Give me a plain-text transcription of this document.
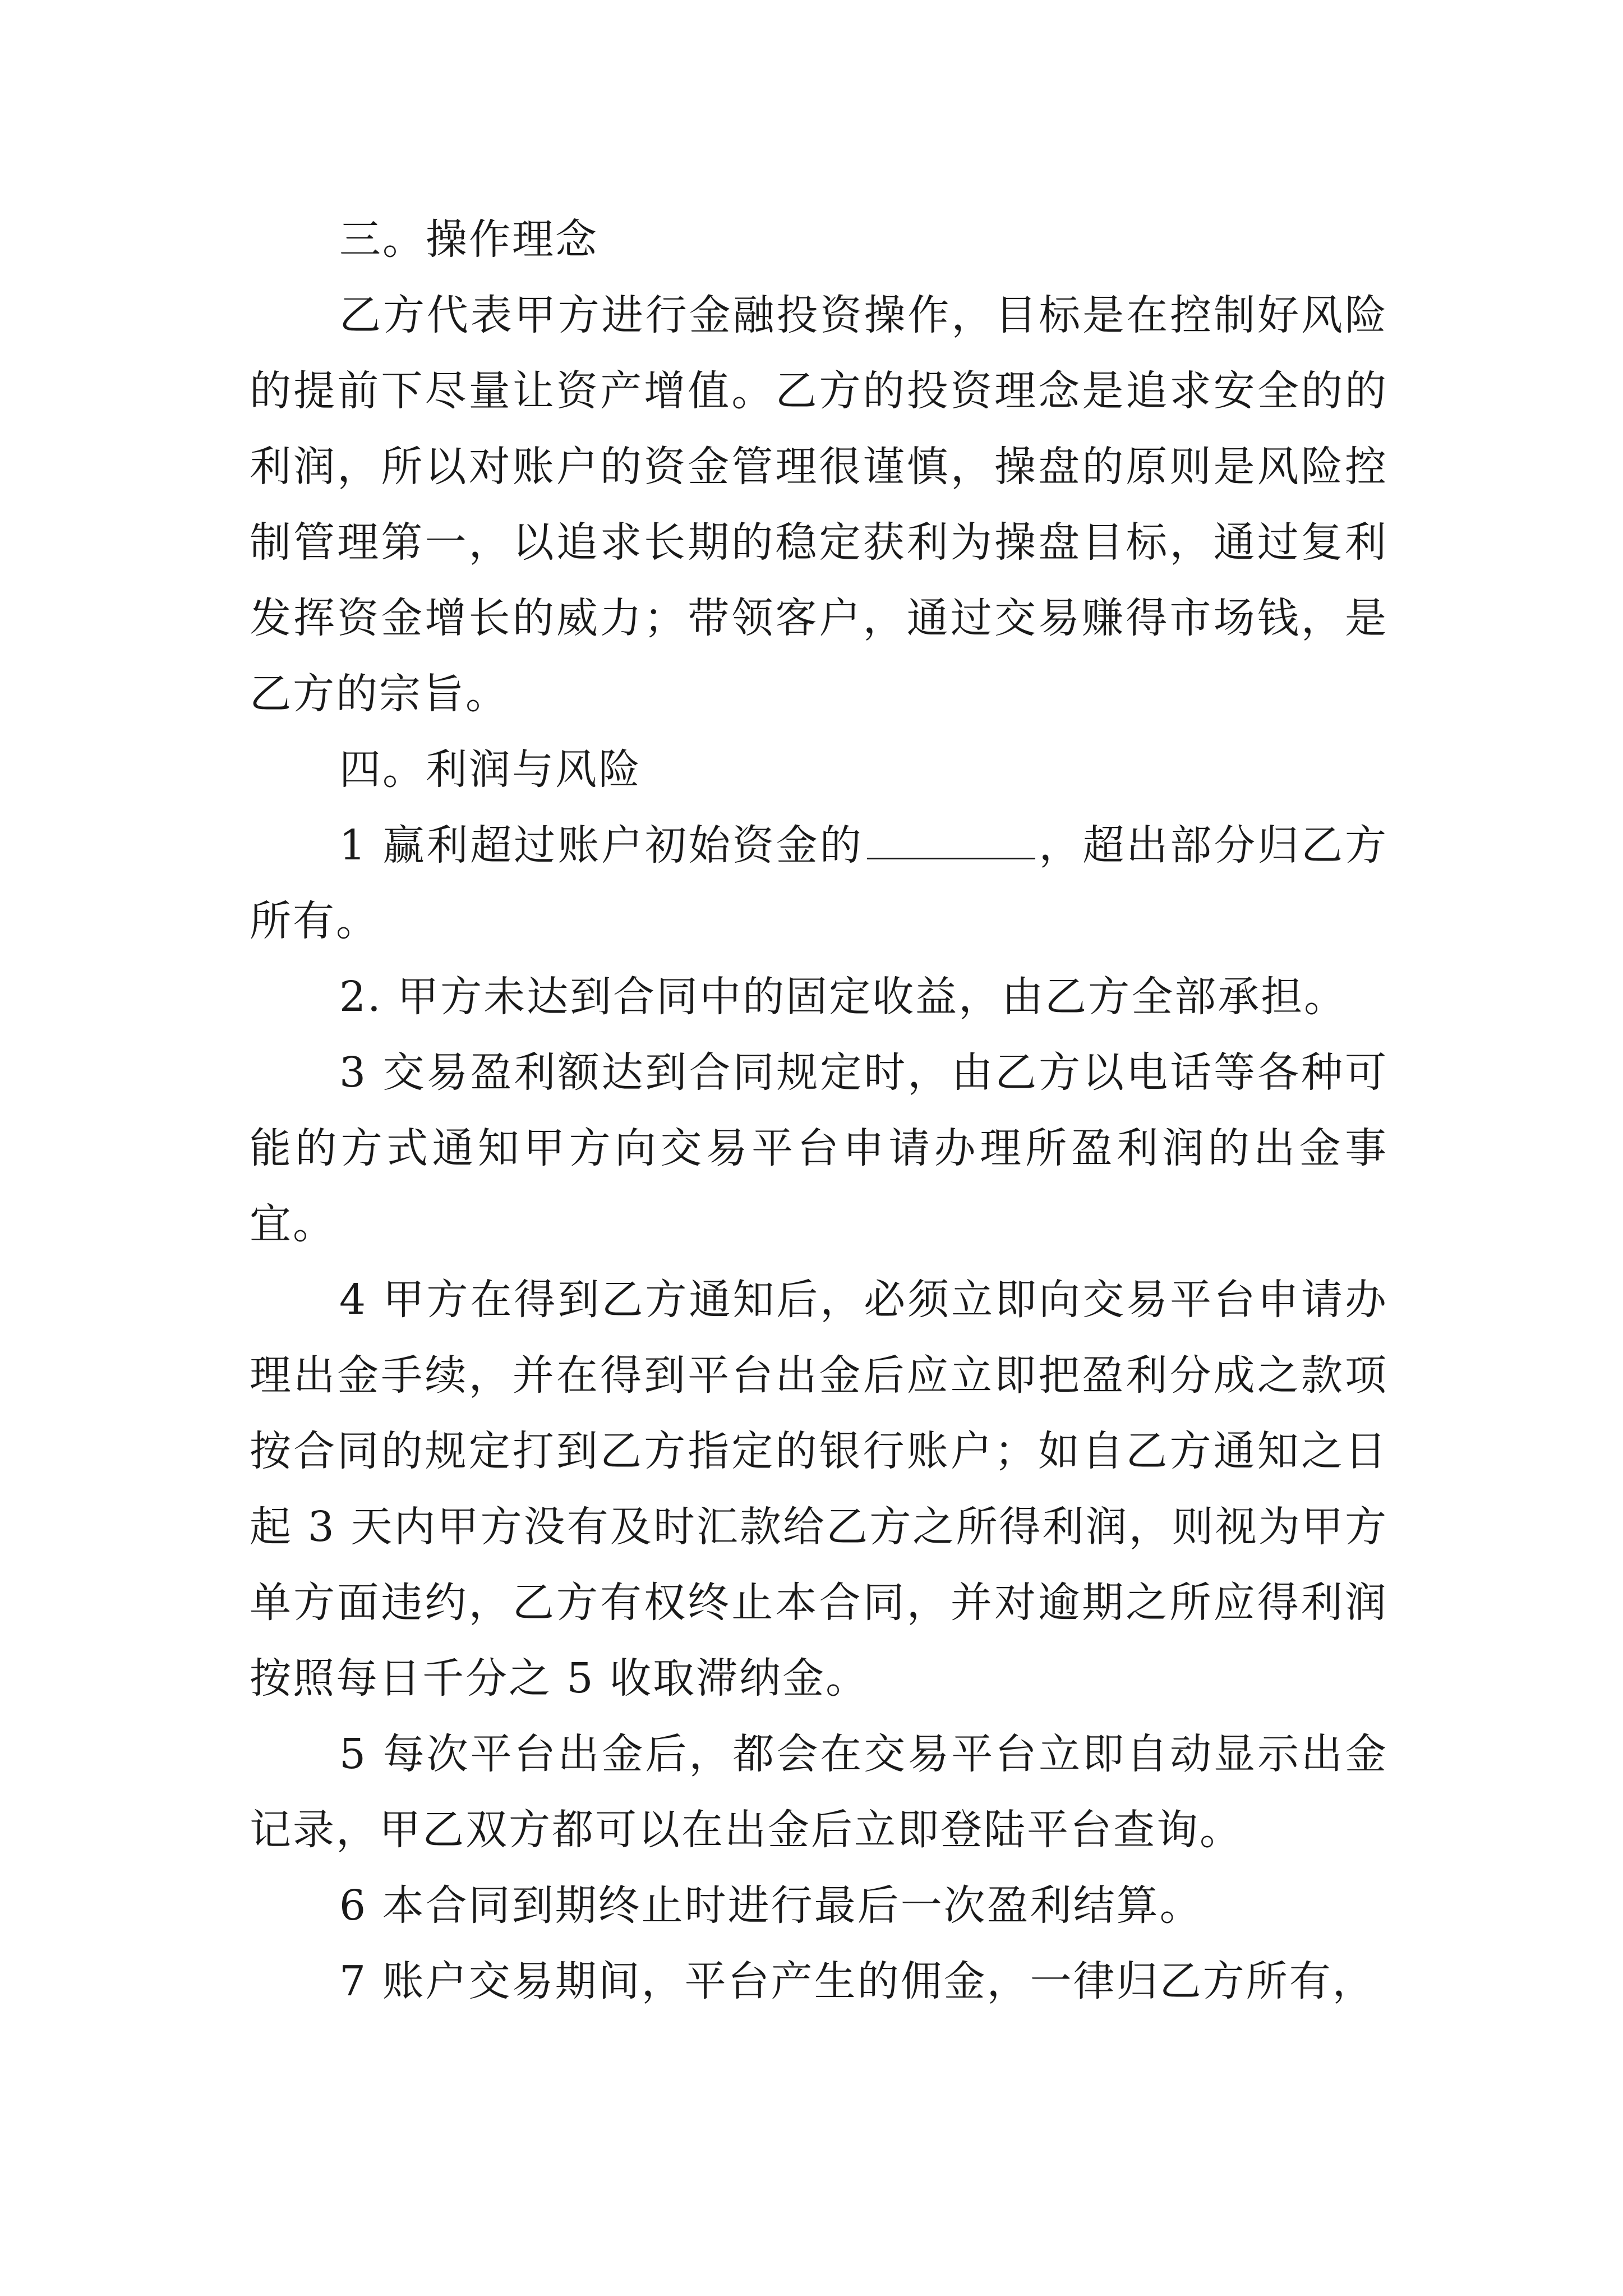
三。操作理念

乙方代表甲方进行金融投资操作，目标是在控制好风险的提前下尽量让资产增值。乙方的投资理念是追求安全的的利润，所以对账户的资金管理很谨慎，操盘的原则是风险控制管理第一，以追求长期的稳定获利为操盘目标，通过复利发挥资金增长的威力；带领客户，通过交易赚得市场钱，是乙方的宗旨。

四。利润与风险

1 赢利超过账户初始资金的	，超出部分归乙方所有。

2. 甲方未达到合同中的固定收益，由乙方全部承担。

3 交易盈利额达到合同规定时，由乙方以电话等各种可能的方式通知甲方向交易平台申请办理所盈利润的出金事宜。

4 甲方在得到乙方通知后，必须立即向交易平台申请办理出金手续，并在得到平台出金后应立即把盈利分成之款项按合同的规定打到乙方指定的银行账户；如自乙方通知之日起 3 天内甲方没有及时汇款给乙方之所得利润，则视为甲方单方面违约，乙方有权终止本合同，并对逾期之所应得利润按照每日千分之 5 收取滞纳金。

5 每次平台出金后，都会在交易平台立即自动显示出金记录，甲乙双方都可以在出金后立即登陆平台查询。

6 本合同到期终止时进行最后一次盈利结算。

7 账户交易期间，平台产生的佣金，一律归乙方所有，
